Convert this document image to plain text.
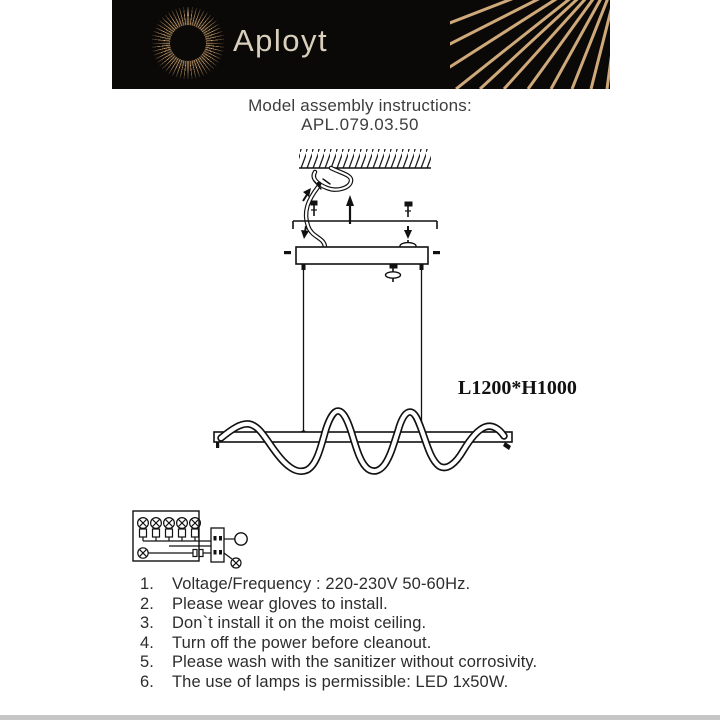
Aployt
Model assembly instructions:
APL.079.03.50
L1200*H1000
1.	Voltage/Frequency : 220-230V 50-60Hz.
2.	Please wear gloves to install.
3.	Don`t install it on the moist ceiling.
4.	Turn off the power before cleanout.
5.	Please wash with the sanitizer without corrosivity.
6.	The use of lamps is permissible: LED 1x50W.
